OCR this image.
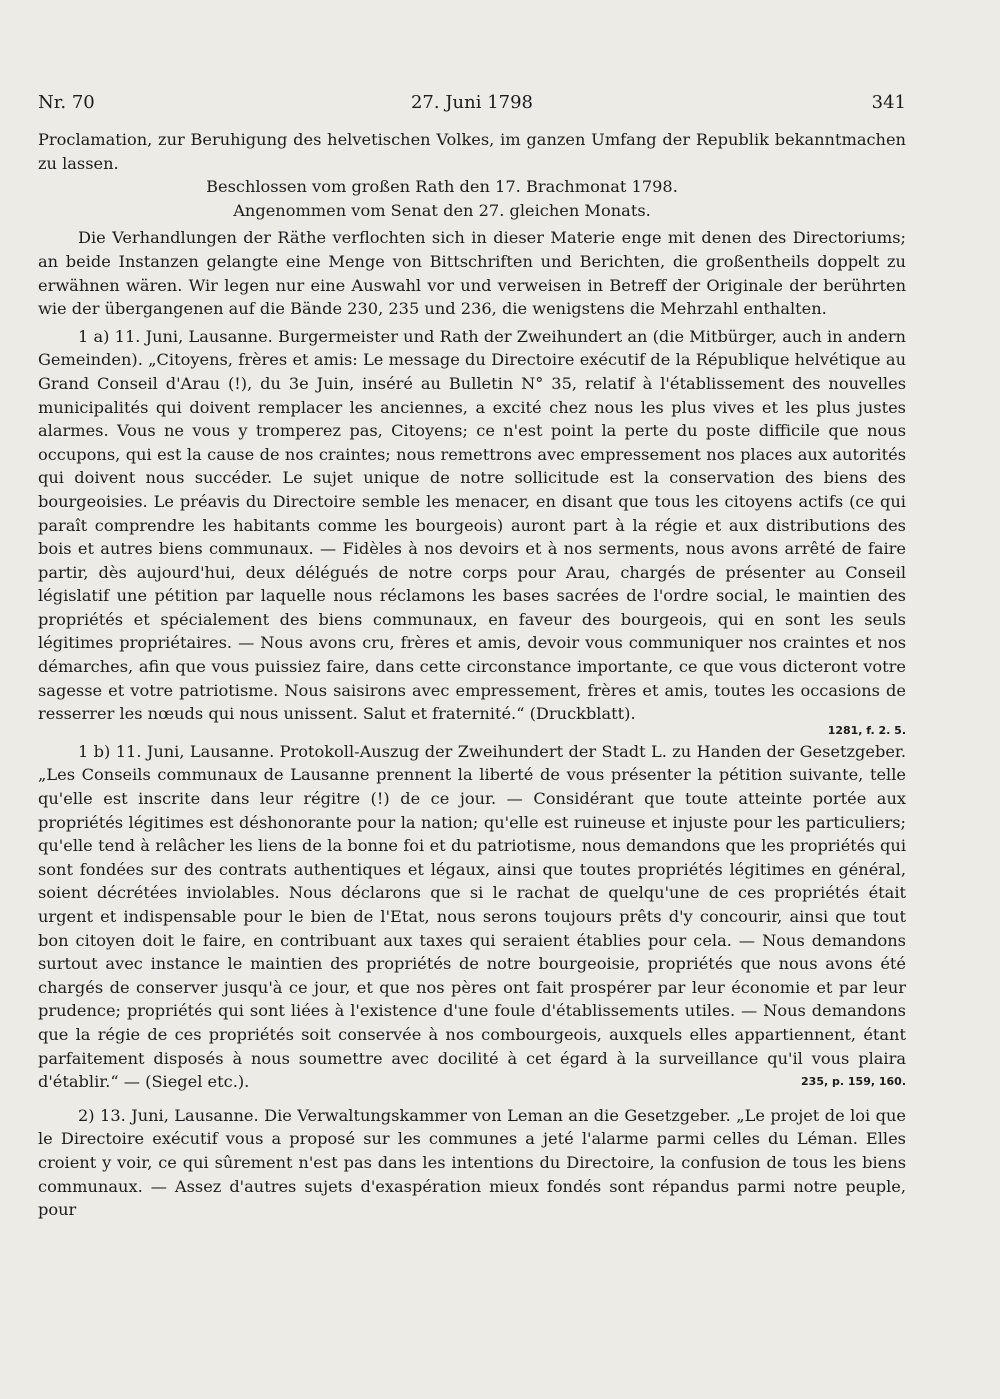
Nr. 70	27. Juni 1798	341

Proclamation, zur Beruhigung des helvetischen Volkes, im ganzen Umfang der Republik bekanntmachen zu lassen.

Beschlossen vom großen Rath den 17. Brachmonat 1798.

Angenommen vom Senat den 27. gleichen Monats.

Die Verhandlungen der Räthe verflochten sich in dieser Materie enge mit denen des Directoriums; an beide Instanzen gelangte eine Menge von Bittschriften und Berichten, die großentheils doppelt zu erwähnen wären. Wir legen nur eine Auswahl vor und verweisen in Betreff der Originale der berührten wie der übergangenen auf die Bände 230, 235 und 236, die wenigstens die Mehrzahl enthalten.

1 a) 11. Juni, Lausanne. Burgermeister und Rath der Zweihundert an (die Mitbürger, auch in andern Gemeinden). „Citoyens, frères et amis: Le message du Directoire exécutif de la République helvétique au Grand Conseil d'Arau (!), du 3e Juin, inséré au Bulletin N° 35, relatif à l'établissement des nouvelles municipalités qui doivent remplacer les anciennes, a excité chez nous les plus vives et les plus justes alarmes. Vous ne vous y tromperez pas, Citoyens; ce n'est point la perte du poste difficile que nous occupons, qui est la cause de nos craintes; nous remettrons avec empressement nos places aux autorités qui doivent nous succéder. Le sujet unique de notre sollicitude est la conservation des biens des bourgeoisies. Le préavis du Directoire semble les menacer, en disant que tous les citoyens actifs (ce qui paraît comprendre les habitants comme les bourgeois) auront part à la régie et aux distributions des bois et autres biens communaux. — Fidèles à nos devoirs et à nos serments, nous avons arrêté de faire partir, dès aujourd'hui, deux délégués de notre corps pour Arau, chargés de présenter au Conseil législatif une pétition par laquelle nous réclamons les bases sacrées de l'ordre social, le maintien des propriétés et spécialement des biens communaux, en faveur des bourgeois, qui en sont les seuls légitimes propriétaires. — Nous avons cru, frères et amis, devoir vous communiquer nos craintes et nos démarches, afin que vous puissiez faire, dans cette circonstance importante, ce que vous dicteront votre sagesse et votre patriotisme. Nous saisirons avec empressement, frères et amis, toutes les occasions de resserrer les nœuds qui nous unissent. Salut et fraternité.“ (Druckblatt).

1281, f. 2. 5.

1 b) 11. Juni, Lausanne. Protokoll-Auszug der Zweihundert der Stadt L. zu Handen der Gesetzgeber. „Les Conseils communaux de Lausanne prennent la liberté de vous présenter la pétition suivante, telle qu'elle est inscrite dans leur régitre (!) de ce jour. — Considérant que toute atteinte portée aux propriétés légitimes est déshonorante pour la nation; qu'elle est ruineuse et injuste pour les particuliers; qu'elle tend à relâcher les liens de la bonne foi et du patriotisme, nous demandons que les propriétés qui sont fondées sur des contrats authentiques et légaux, ainsi que toutes propriétés légitimes en général, soient décrétées inviolables. Nous déclarons que si le rachat de quelqu'une de ces propriétés était urgent et indispensable pour le bien de l'Etat, nous serons toujours prêts d'y concourir, ainsi que tout bon citoyen doit le faire, en contribuant aux taxes qui seraient établies pour cela. — Nous demandons surtout avec instance le maintien des propriétés de notre bourgeoisie, propriétés que nous avons été chargés de conserver jusqu'à ce jour, et que nos pères ont fait prospérer par leur économie et par leur prudence; propriétés qui sont liées à l'existence d'une foule d'établissements utiles. — Nous demandons que la régie de ces propriétés soit conservée à nos combourgeois, auxquels elles appartiennent, étant parfaitement disposés à nous soumettre avec docilité à cet égard à la surveillance qu'il vous plaira d'établir.“ — (Siegel etc.).	235, p. 159, 160.

2) 13. Juni, Lausanne. Die Verwaltungskammer von Leman an die Gesetzgeber. „Le projet de loi que le Directoire exécutif vous a proposé sur les communes a jeté l'alarme parmi celles du Léman. Elles croient y voir, ce qui sûrement n'est pas dans les intentions du Directoire, la confusion de tous les biens communaux. — Assez d'autres sujets d'exaspération mieux fondés sont répandus parmi notre peuple, pour
